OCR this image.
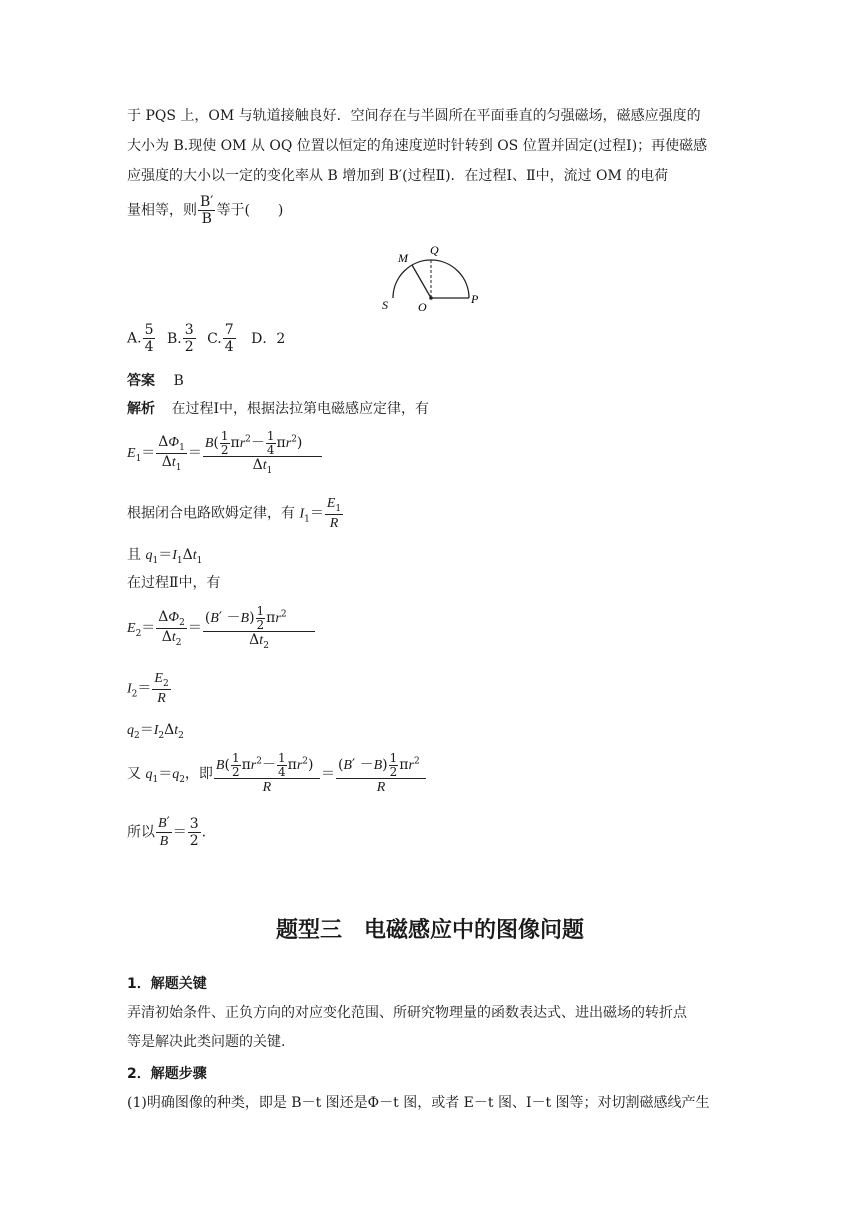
于 PQS 上，OM 与轨道接触良好．空间存在与半圆所在平面垂直的匀强磁场，磁感应强度的
大小为 B.现使 OM 从 OQ 位置以恒定的角速度逆时针转到 OS 位置并固定(过程Ⅰ)；再使磁感
应强度的大小以一定的变化率从 B 增加到 B′(过程Ⅱ)．在过程Ⅰ、Ⅱ中，流过 OM 的电荷
量相等，则 $\frac{B'}{B}$ 等于(　　)
M
Q
S	O
P
A. $\frac{5}{4} B$. $\frac{3}{2} C$. $\frac{7}{4}$ D．2
答案 B
解析 在过程Ⅰ中，根据法拉第电磁感应定律，有
$E_1= \frac{\Delta\Phi_1}{\Delta t_1} = \frac{B( \frac{1}{2} \pi r^2- \frac{1}{4} \pi r^2)}{\Delta t_1}$
根据闭合电路欧姆定律，有 $I_1= \frac{E_1}{R}$
且 $q_1=I_1\Delta t_1$
在过程Ⅱ中，有
$E_2= \frac{\Delta\Phi_2}{\Delta t_2} = \frac{(B' -B) \frac{1}{2} \pi r^2}{\Delta t_2}$
$I_2= \frac{E_2}{R}$
$q_2=I_2\Delta t_2$
又 $q_1=q_2$，即 $\frac{B( \frac{1}{2} \pi r^2- \frac{1}{4} \pi r^2)}{R} = \frac{(B' -B) \frac{1}{2} \pi r^2}{R}$
所以 $\frac{B'}{B} = \frac{3}{2}$ .
题型三　电磁感应中的图像问题
1．解题关键
弄清初始条件、正负方向的对应变化范围、所研究物理量的函数表达式、进出磁场的转折点
等是解决此类问题的关键.
2．解题步骤
(1)明确图像的种类，即是 B－t 图还是Φ－t 图，或者 E－t 图、I－t 图等；对切割磁感线产生
